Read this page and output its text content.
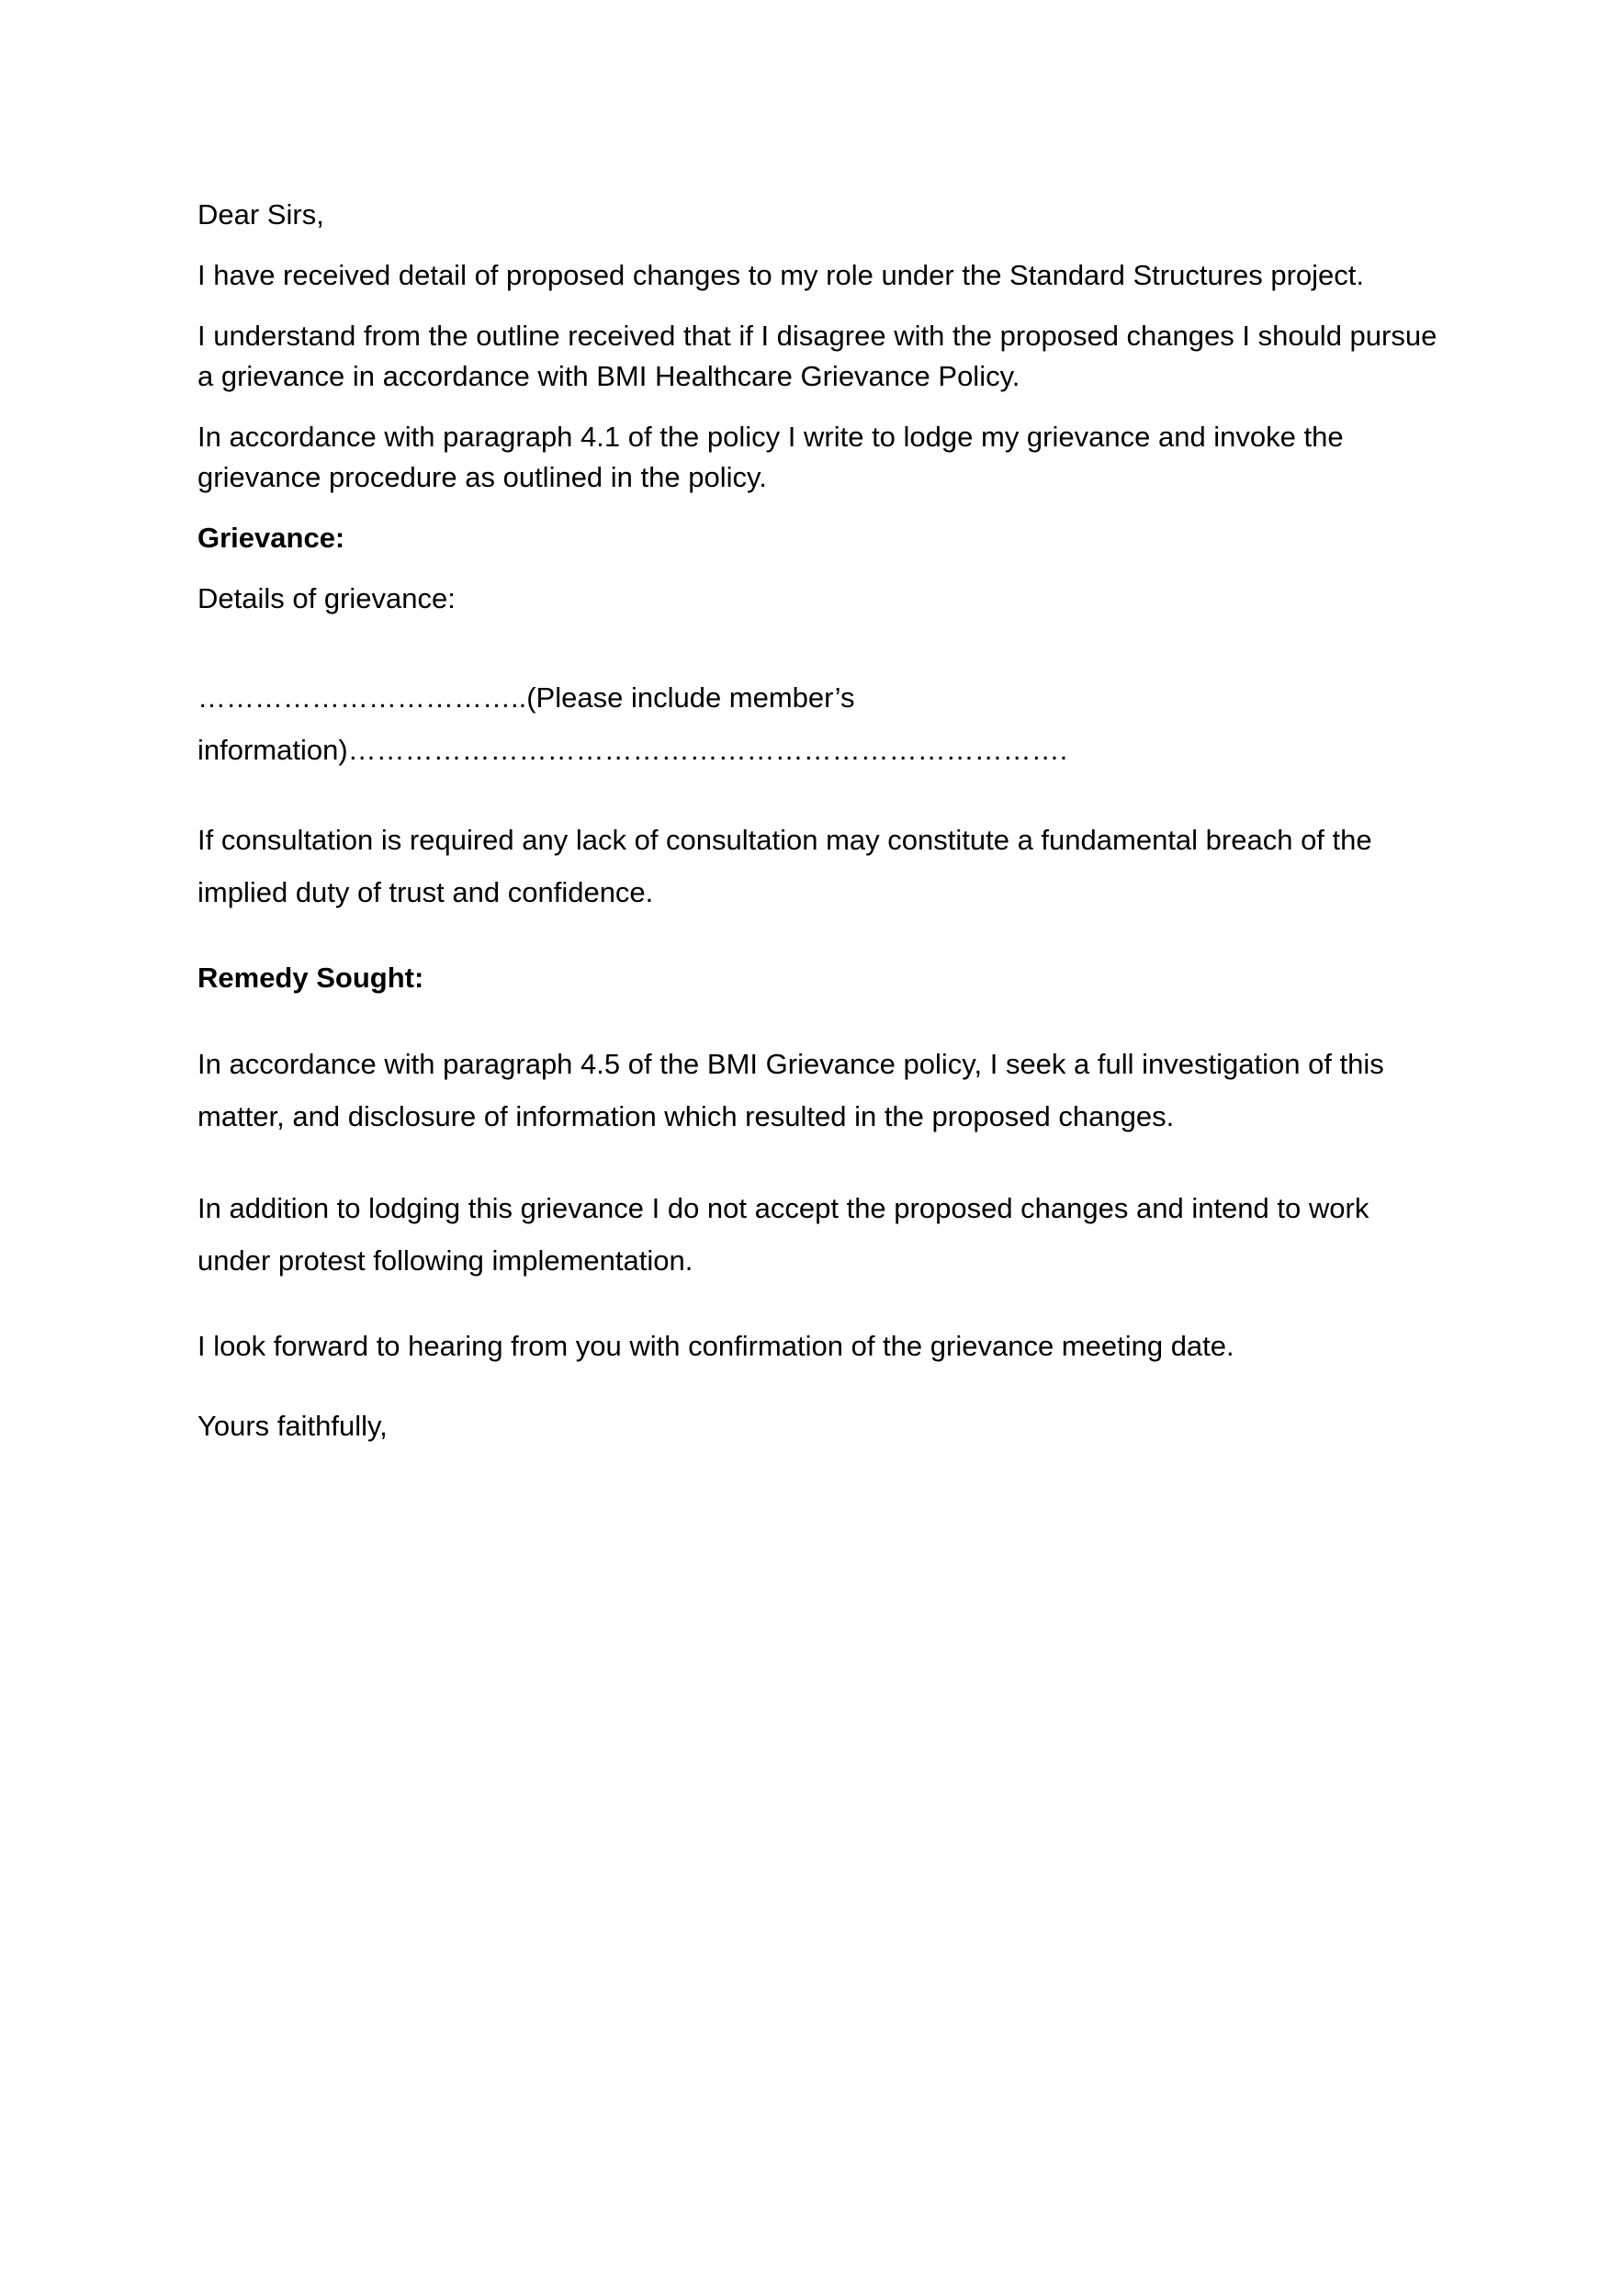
Dear Sirs,

I have received detail of proposed changes to my role under the Standard Structures project.

I understand from the outline received that if I disagree with the proposed changes I should pursue a grievance in accordance with BMI Healthcare Grievance Policy.

In accordance with paragraph 4.1 of the policy I write to lodge my grievance and invoke the grievance procedure as outlined in the policy.

Grievance:

Details of grievance:

……………………………..(Please include member’s

information)………………………………………………………………….

If consultation is required any lack of consultation may constitute a fundamental breach of the implied duty of trust and confidence.

Remedy Sought:

In accordance with paragraph 4.5 of the BMI Grievance policy, I seek a full investigation of this matter, and disclosure of information which resulted in the proposed changes.

In addition to lodging this grievance I do not accept the proposed changes and intend to work under protest following implementation.

I look forward to hearing from you with confirmation of the grievance meeting date.

Yours faithfully,
